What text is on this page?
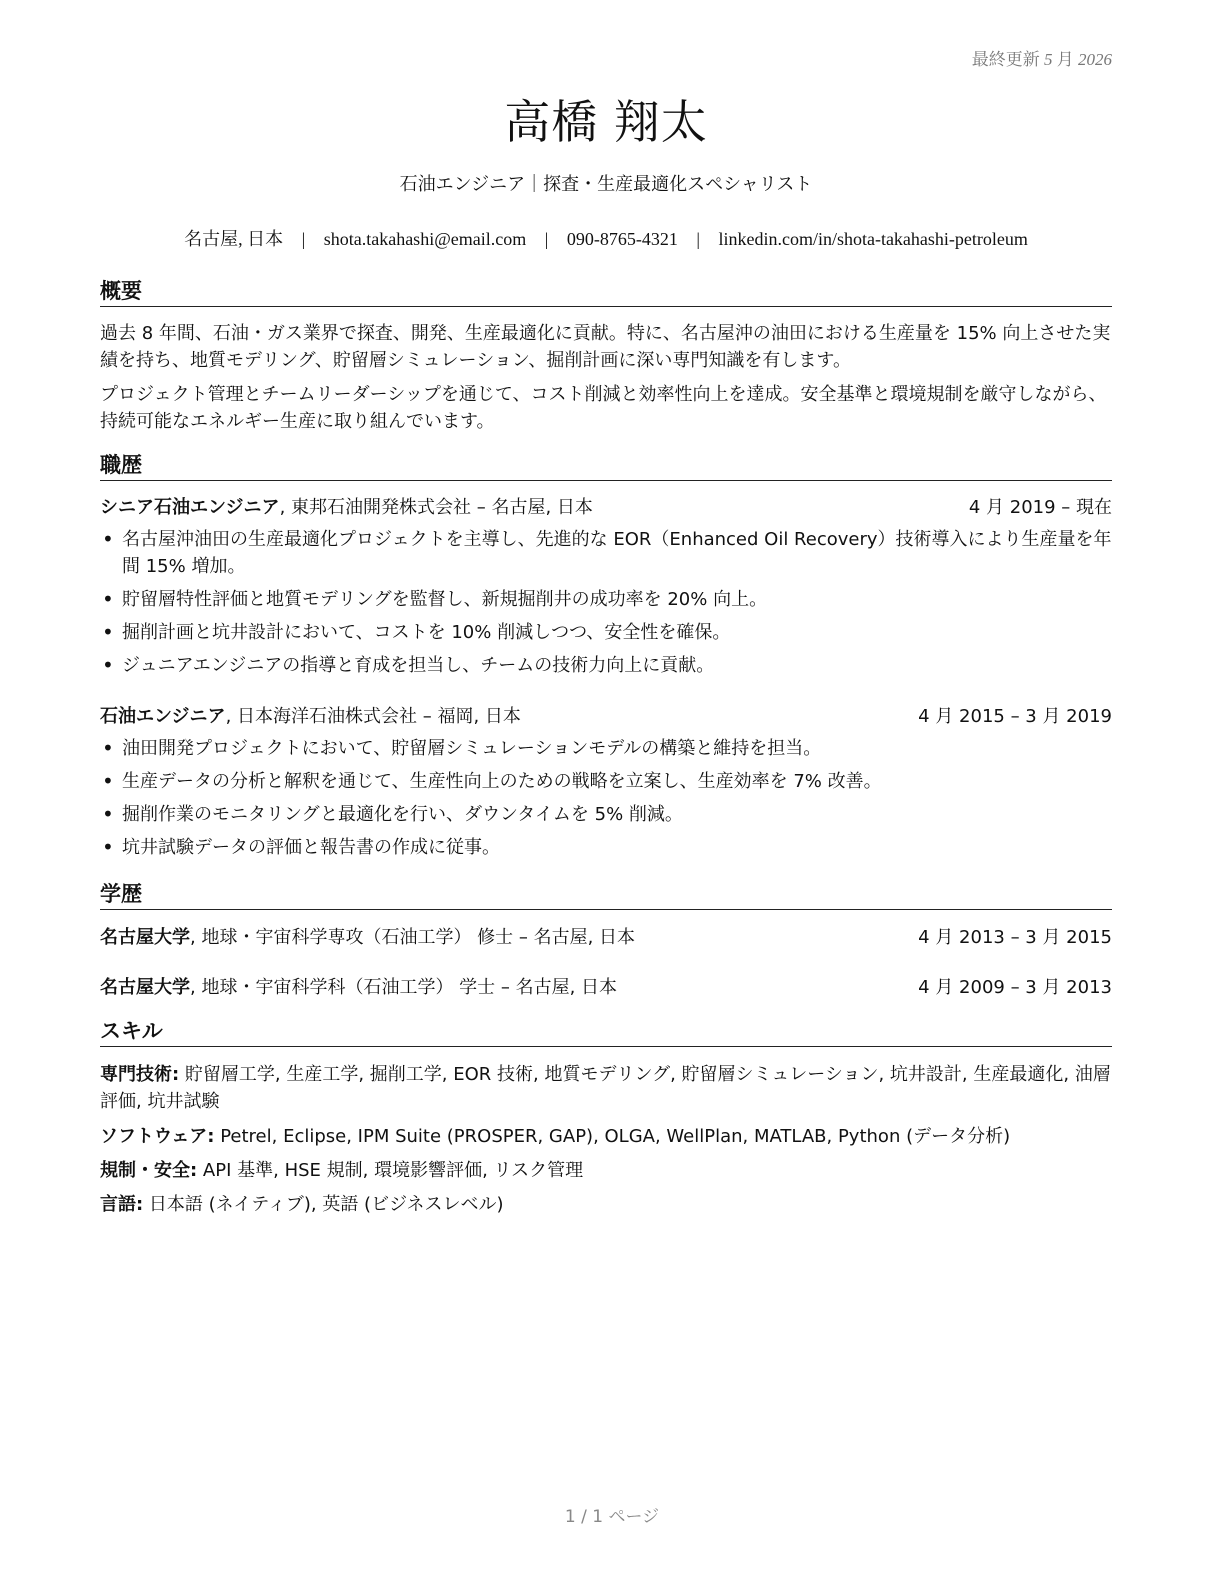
最終更新 5 月 2026
高橋 翔太
石油エンジニア｜探査・生産最適化スペシャリスト
名古屋, 日本 | shota.takahashi@email.com | 090-8765-4321 | linkedin.com/in/shota-takahashi-petroleum
概要
過去 8 年間、石油・ガス業界で探査、開発、生産最適化に貢献。特に、名古屋沖の油田における生産量を 15% 向上させた実績を持ち、地質モデリング、貯留層シミュレーション、掘削計画に深い専門知識を有します。
プロジェクト管理とチームリーダーシップを通じて、コスト削減と効率性向上を達成。安全基準と環境規制を厳守しながら、持続可能なエネルギー生産に取り組んでいます。
職歴
シニア石油エンジニア, 東邦石油開発株式会社 – 名古屋, 日本	4 月 2019 – 現在
• 名古屋沖油田の生産最適化プロジェクトを主導し、先進的な EOR（Enhanced Oil Recovery）技術導入により生産量を年間 15% 増加。
• 貯留層特性評価と地質モデリングを監督し、新規掘削井の成功率を 20% 向上。
• 掘削計画と坑井設計において、コストを 10% 削減しつつ、安全性を確保。
• ジュニアエンジニアの指導と育成を担当し、チームの技術力向上に貢献。
石油エンジニア, 日本海洋石油株式会社 – 福岡, 日本	4 月 2015 – 3 月 2019
• 油田開発プロジェクトにおいて、貯留層シミュレーションモデルの構築と維持を担当。
• 生産データの分析と解釈を通じて、生産性向上のための戦略を立案し、生産効率を 7% 改善。
• 掘削作業のモニタリングと最適化を行い、ダウンタイムを 5% 削減。
• 坑井試験データの評価と報告書の作成に従事。
学歴
名古屋大学, 地球・宇宙科学専攻（石油工学） 修士 – 名古屋, 日本	4 月 2013 – 3 月 2015
名古屋大学, 地球・宇宙科学科（石油工学） 学士 – 名古屋, 日本	4 月 2009 – 3 月 2013
スキル
専門技術: 貯留層工学, 生産工学, 掘削工学, EOR 技術, 地質モデリング, 貯留層シミュレーション, 坑井設計, 生産最適化, 油層評価, 坑井試験
ソフトウェア: Petrel, Eclipse, IPM Suite (PROSPER, GAP), OLGA, WellPlan, MATLAB, Python (データ分析)
規制・安全: API 基準, HSE 規制, 環境影響評価, リスク管理
言語: 日本語 (ネイティブ), 英語 (ビジネスレベル)
1 / 1 ページ
